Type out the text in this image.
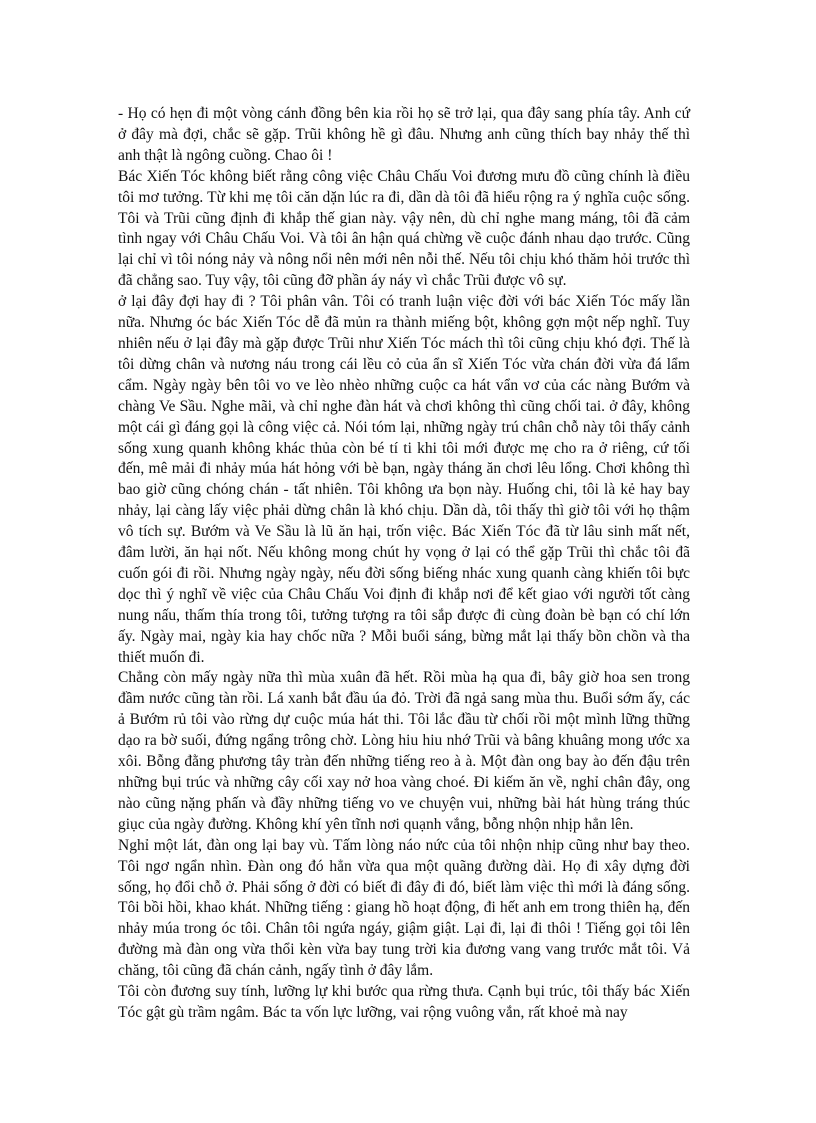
- Họ có hẹn đi một vòng cánh đồng bên kia rồi họ sẽ trở lại, qua đây sang phía tây. Anh cứ ở đây mà đợi, chắc sẽ gặp. Trũi không hề gì đâu. Nhưng anh cũng thích bay nhảy thế thì anh thật là ngông cuồng. Chao ôi !

Bác Xiến Tóc không biết rằng công việc Châu Chấu Voi đương mưu đồ cũng chính là điều tôi mơ tưởng. Từ khi mẹ tôi căn dặn lúc ra đi, dần dà tôi đã hiểu rộng ra ý nghĩa cuộc sống. Tôi và Trũi cũng định đi khắp thế gian này. vậy nên, dù chỉ nghe mang máng, tôi đã cảm tình ngay với Châu Chấu Voi. Và tôi ân hận quá chừng về cuộc đánh nhau dạo trước. Cũng lại chỉ vì tôi nóng nảy và nông nổi nên mới nên nỗi thế. Nếu tôi chịu khó thăm hỏi trước thì đã chẳng sao. Tuy vậy, tôi cũng đỡ phần áy náy vì chắc Trũi được vô sự.

ở lại đây đợi hay đi ? Tôi phân vân. Tôi có tranh luận việc đời với bác Xiến Tóc mấy lần nữa. Nhưng óc bác Xiến Tóc dễ đã mủn ra thành miếng bột, không gợn một nếp nghĩ. Tuy nhiên nếu ở lại đây mà gặp được Trũi như Xiến Tóc mách thì tôi cũng chịu khó đợi. Thế là tôi dừng chân và nương náu trong cái lều cỏ của ẩn sĩ Xiến Tóc vừa chán đời vừa đá lẩm cẩm. Ngày ngày bên tôi vo ve lèo nhèo những cuộc ca hát vẩn vơ của các nàng Bướm và chàng Ve Sầu. Nghe mãi, và chỉ nghe đàn hát và chơi không thì cũng chối tai. ở đây, không một cái gì đáng gọi là công việc cả. Nói tóm lại, những ngày trú chân chỗ này tôi thấy cảnh sống xung quanh không khác thủa còn bé tí ti khi tôi mới được mẹ cho ra ở riêng, cứ tối đến, mê mải đi nhảy múa hát hỏng với bè bạn, ngày tháng ăn chơi lêu lổng. Chơi không thì bao giờ cũng chóng chán - tất nhiên. Tôi không ưa bọn này. Huống chi, tôi là kẻ hay bay nhảy, lại càng lấy việc phải dừng chân là khó chịu. Dần dà, tôi thấy thì giờ tôi với họ thậm vô tích sự. Bướm và Ve Sầu là lũ ăn hại, trốn việc. Bác Xiến Tóc đã từ lâu sinh mất nết, đâm lười, ăn hại nốt. Nếu không mong chút hy vọng ở lại có thể gặp Trũi thì chắc tôi đã cuốn gói đi rồi. Nhưng ngày ngày, nếu đời sống biếng nhác xung quanh càng khiến tôi bực dọc thì ý nghĩ về việc của Châu Chấu Voi định đi khắp nơi để kết giao với người tốt càng nung nấu, thấm thía trong tôi, tưởng tượng ra tôi sắp được đi cùng đoàn bè bạn có chí lớn ấy. Ngày mai, ngày kia hay chốc nữa ? Mỗi buổi sáng, bừng mắt lại thấy bồn chồn và tha thiết muốn đi.

Chẳng còn mấy ngày nữa thì mùa xuân đã hết. Rồi mùa hạ qua đi, bây giờ hoa sen trong đầm nước cũng tàn rồi. Lá xanh bắt đầu úa đỏ. Trời đã ngả sang mùa thu. Buổi sớm ấy, các ả Bướm rủ tôi vào rừng dự cuộc múa hát thi. Tôi lắc đầu từ chối rồi một mình lững thững dạo ra bờ suối, đứng ngẩng trông chờ. Lòng hiu hiu nhớ Trũi và bâng khuâng mong ước xa xôi. Bỗng đằng phương tây tràn đến những tiếng reo à à. Một đàn ong bay ào đến đậu trên những bụi trúc và những cây cối xay nở hoa vàng choé. Đi kiếm ăn về, nghỉ chân đây, ong nào cũng nặng phấn và đầy những tiếng vo ve chuyện vui, những bài hát hùng tráng thúc giục của ngày đường. Không khí yên tĩnh nơi quạnh vắng, bỗng nhộn nhịp hẳn lên.

Nghỉ một lát, đàn ong lại bay vù. Tấm lòng náo nức của tôi nhộn nhịp cũng như bay theo. Tôi ngơ ngẩn nhìn. Đàn ong đó hẳn vừa qua một quãng đường dài. Họ đi xây dựng đời sống, họ đổi chỗ ở. Phải sống ở đời có biết đi đây đi đó, biết làm việc thì mới là đáng sống. Tôi bồi hồi, khao khát. Những tiếng : giang hồ hoạt động, đi hết anh em trong thiên hạ, đến nhảy múa trong óc tôi. Chân tôi ngứa ngáy, giậm giật. Lại đi, lại đi thôi ! Tiếng gọi tôi lên đường mà đàn ong vừa thổi kèn vừa bay tung trời kia đương vang vang trước mắt tôi. Vả chăng, tôi cũng đã chán cảnh, ngấy tình ở đây lắm.

Tôi còn đương suy tính, lưỡng lự khi bước qua rừng thưa. Cạnh bụi trúc, tôi thấy bác Xiến Tóc gật gù trầm ngâm. Bác ta vốn lực lưỡng, vai rộng vuông vắn, rất khoẻ mà nay
